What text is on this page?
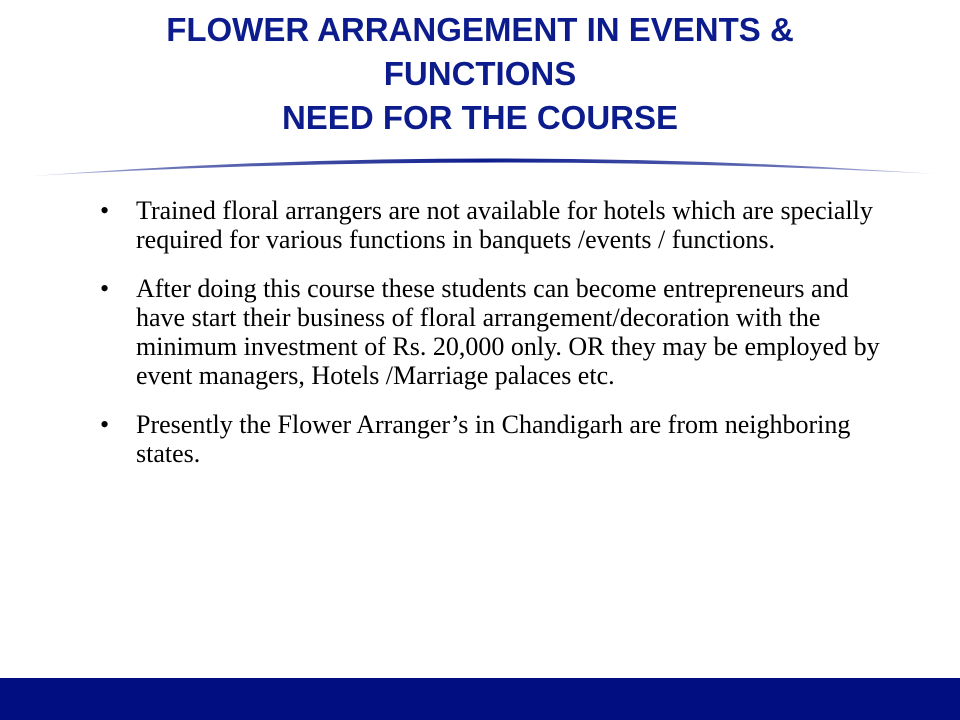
FLOWER ARRANGEMENT IN EVENTS &
FUNCTIONS
NEED FOR THE COURSE
• Trained floral arrangers are not available for hotels which are specially required for various functions in banquets /events / functions.
• After doing this course these students can become entrepreneurs and have start their business of floral arrangement/decoration with the minimum investment of Rs. 20,000 only. OR they may be employed by event managers, Hotels /Marriage palaces etc.
• Presently the Flower Arranger’s in Chandigarh are from neighboring states.
